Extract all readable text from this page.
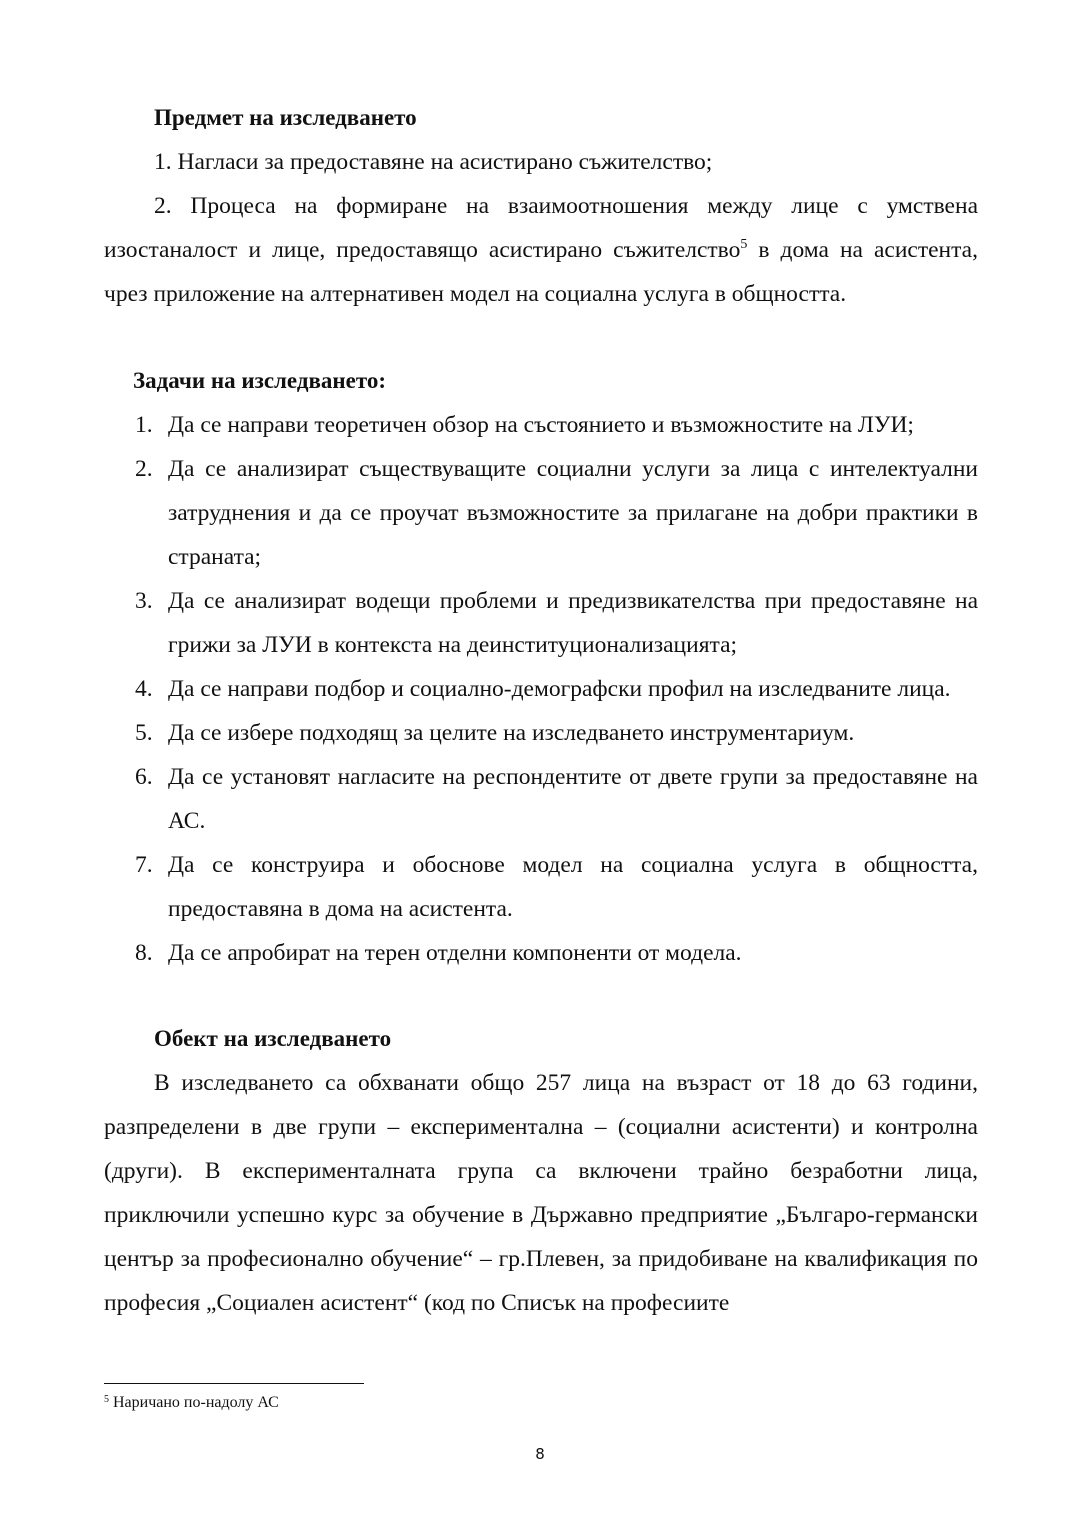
Предмет на изследването

1. Нагласи за предоставяне на асистирано съжителство;

2. Процеса на формиране на взаимоотношения между лице с умствена изостаналост и лице, предоставящо асистирано съжителство$^5$ в дома на асистента, чрез приложение на алтернативен модел на социална услуга в общността.

Задачи на изследването:
1. Да се направи теоретичен обзор на състоянието и възможностите на ЛУИ;
2. Да се анализират съществуващите социални услуги за лица с интелектуални затруднения и да се проучат възможностите за прилагане на добри практики в страната;
3. Да се анализират водещи проблеми и предизвикателства при предоставяне на грижи за ЛУИ в контекста на деинституционализацията;
4. Да се направи подбор и социално-демографски профил на изследваните лица.
5. Да се избере подходящ за целите на изследването инструментариум.
6. Да се установят нагласите на респондентите от двете групи за предоставяне на АС.
7. Да се конструира и обоснове модел на социална услуга в общността, предоставяна в дома на асистента.
8. Да се апробират на терен отделни компоненти от модела.
Обект на изследването

В изследването са обхванати общо 257 лица на възраст от 18 до 63 години, разпределени в две групи – експериментална – (социални асистенти) и контролна (други). В експерименталната група са включени трайно безработни лица, приключили успешно курс за обучение в Държавно предприятие „Българо-германски център за професионално обучение“ – гр.Плевен, за придобиване на квалификация по професия „Социален асистент“ (код по Списък на професиите

$^5$ Наричано по-надолу АС
8
